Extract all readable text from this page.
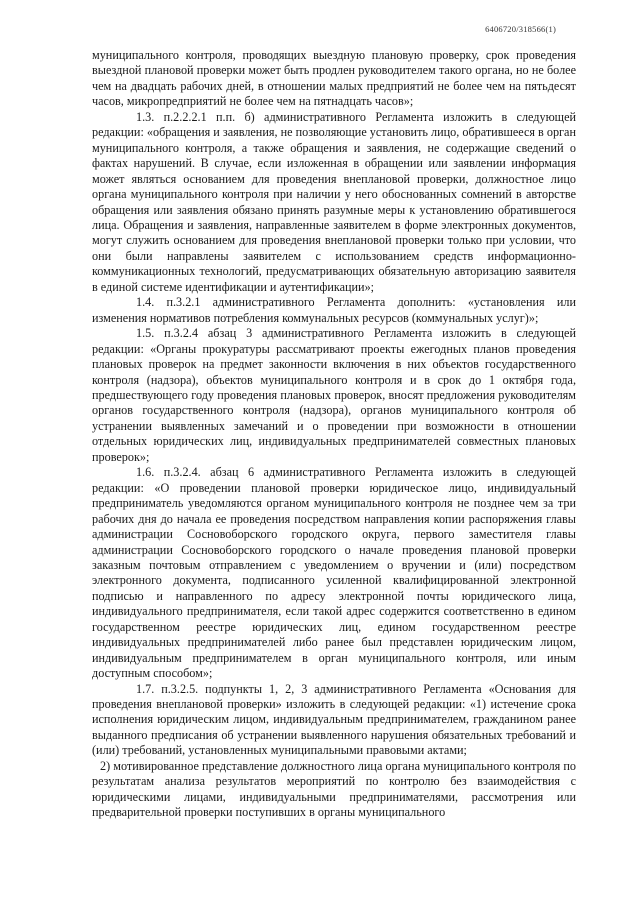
6406720/318566(1)

муниципального контроля, проводящих выездную плановую проверку, срок проведения выездной плановой проверки может быть продлен руководителем такого органа, но не более чем на двадцать рабочих дней, в отношении малых предприятий не более чем на пятьдесят часов, микропредприятий не более чем на пятнадцать часов»;

1.3. п.2.2.2.1 п.п. б) административного Регламента изложить в следующей редакции: «обращения и заявления, не позволяющие установить лицо, обратившееся в орган муниципального контроля, а также обращения и заявления, не содержащие сведений о фактах нарушений. В случае, если изложенная в обращении или заявлении информация может являться основанием для проведения внеплановой проверки, должностное лицо органа муниципального контроля при наличии у него обоснованных сомнений в авторстве обращения или заявления обязано принять разумные меры к установлению обратившегося лица. Обращения и заявления, направленные заявителем в форме электронных документов, могут служить основанием для проведения внеплановой проверки только при условии, что они были направлены заявителем с использованием средств информационно-коммуникационных технологий, предусматривающих обязательную авторизацию заявителя в единой системе идентификации и аутентификации»;

1.4. п.3.2.1 административного Регламента дополнить: «установления или изменения нормативов потребления коммунальных ресурсов (коммунальных услуг)»;

1.5. п.3.2.4 абзац 3 административного Регламента изложить в следующей редакции: «Органы прокуратуры рассматривают проекты ежегодных планов проведения плановых проверок на предмет законности включения в них объектов государственного контроля (надзора), объектов муниципального контроля и в срок до 1 октября года, предшествующего году проведения плановых проверок, вносят предложения руководителям органов государственного контроля (надзора), органов муниципального контроля об устранении выявленных замечаний и о проведении при возможности в отношении отдельных юридических лиц, индивидуальных предпринимателей совместных плановых проверок»;

1.6. п.3.2.4. абзац 6 административного Регламента изложить в следующей редакции: «О проведении плановой проверки юридическое лицо, индивидуальный предприниматель уведомляются органом муниципального контроля не позднее чем за три рабочих дня до начала ее проведения посредством направления копии распоряжения главы администрации Сосновоборского городского округа, первого заместителя главы администрации Сосновоборского городского о начале проведения плановой проверки заказным почтовым отправлением с уведомлением о вручении и (или) посредством электронного документа, подписанного усиленной квалифицированной электронной подписью и направленного по адресу электронной почты юридического лица, индивидуального предпринимателя, если такой адрес содержится соответственно в едином государственном реестре юридических лиц, едином государственном реестре индивидуальных предпринимателей либо ранее был представлен юридическим лицом, индивидуальным предпринимателем в орган муниципального контроля, или иным доступным способом»;

1.7. п.3.2.5. подпункты 1, 2, 3 административного Регламента «Основания для проведения внеплановой проверки» изложить в следующей редакции: «1) истечение срока исполнения юридическим лицом, индивидуальным предпринимателем, гражданином ранее выданного предписания об устранении выявленного нарушения обязательных требований и (или) требований, установленных муниципальными правовыми актами;

2) мотивированное представление должностного лица органа муниципального контроля по результатам анализа результатов мероприятий по контролю без взаимодействия с юридическими лицами, индивидуальными предпринимателями, рассмотрения или предварительной проверки поступивших в органы муниципального
